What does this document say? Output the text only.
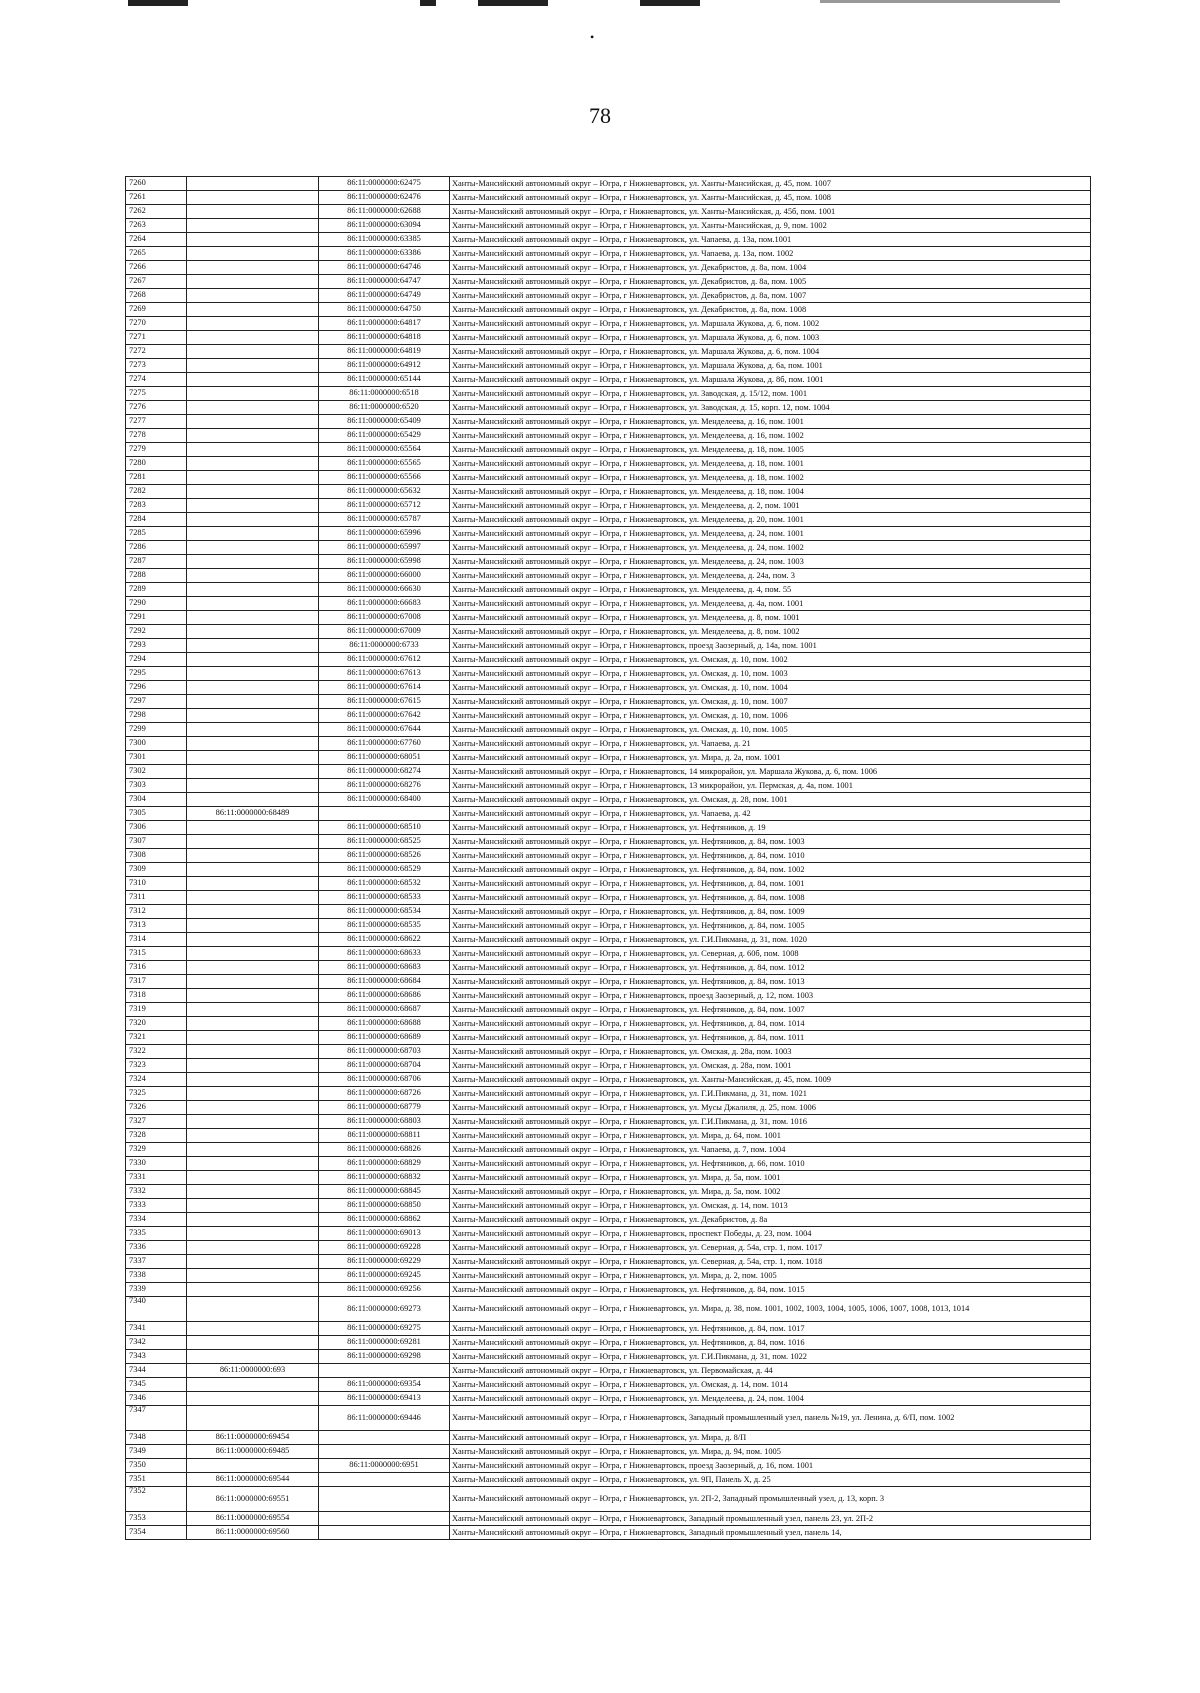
•
78
7260		86:11:0000000:62475	Ханты-Мансийский автономный округ – Югра, г Нижневартовск, ул. Ханты-Мансийская, д. 45, пом. 1007
7261		86:11:0000000:62476	Ханты-Мансийский автономный округ – Югра, г Нижневартовск, ул. Ханты-Мансийская, д. 45, пом. 1008
7262		86:11:0000000:62688	Ханты-Мансийский автономный округ – Югра, г Нижневартовск, ул. Ханты-Мансийская, д. 45б, пом. 1001
7263		86:11:0000000:63094	Ханты-Мансийский автономный округ – Югра, г Нижневартовск, ул. Ханты-Мансийская, д. 9, пом. 1002
7264		86:11:0000000:63385	Ханты-Мансийский автономный округ – Югра, г Нижневартовск, ул. Чапаева, д. 13а, пом.1001
7265		86:11:0000000:63386	Ханты-Мансийский автономный округ – Югра, г Нижневартовск, ул. Чапаева, д. 13а, пом. 1002
7266		86:11:0000000:64746	Ханты-Мансийский автономный округ – Югра, г Нижневартовск, ул. Декабристов, д. 8а, пом. 1004
7267		86:11:0000000:64747	Ханты-Мансийский автономный округ – Югра, г Нижневартовск, ул. Декабристов, д. 8а, пом. 1005
7268		86:11:0000000:64749	Ханты-Мансийский автономный округ – Югра, г Нижневартовск, ул. Декабристов, д. 8а, пом. 1007
7269		86:11:0000000:64750	Ханты-Мансийский автономный округ – Югра, г Нижневартовск, ул. Декабристов, д. 8а, пом. 1008
7270		86:11:0000000:64817	Ханты-Мансийский автономный округ – Югра, г Нижневартовск, ул. Маршала Жукова, д. 6, пом. 1002
7271		86:11:0000000:64818	Ханты-Мансийский автономный округ – Югра, г Нижневартовск, ул. Маршала Жукова, д. 6, пом. 1003
7272		86:11:0000000:64819	Ханты-Мансийский автономный округ – Югра, г Нижневартовск, ул. Маршала Жукова, д. 6, пом. 1004
7273		86:11:0000000:64912	Ханты-Мансийский автономный округ – Югра, г Нижневартовск, ул. Маршала Жукова, д. 6а, пом. 1001
7274		86:11:0000000:65144	Ханты-Мансийский автономный округ – Югра, г Нижневартовск, ул. Маршала Жукова, д. 8б, пом. 1001
7275		86:11:0000000:6518	Ханты-Мансийский автономный округ – Югра, г Нижневартовск, ул. Заводская, д. 15/12, пом. 1001
7276		86:11:0000000:6520	Ханты-Мансийский автономный округ – Югра, г Нижневартовск, ул. Заводская, д. 15, корп. 12, пом. 1004
7277		86:11:0000000:65409	Ханты-Мансийский автономный округ – Югра, г Нижневартовск, ул. Менделеева, д. 16, пом. 1001
7278		86:11:0000000:65429	Ханты-Мансийский автономный округ – Югра, г Нижневартовск, ул. Менделеева, д. 16, пом. 1002
7279		86:11:0000000:65564	Ханты-Мансийский автономный округ – Югра, г Нижневартовск, ул. Менделеева, д. 18, пом. 1005
7280		86:11:0000000:65565	Ханты-Мансийский автономный округ – Югра, г Нижневартовск, ул. Менделеева, д. 18, пом. 1001
7281		86:11:0000000:65566	Ханты-Мансийский автономный округ – Югра, г Нижневартовск, ул. Менделеева, д. 18, пом. 1002
7282		86:11:0000000:65632	Ханты-Мансийский автономный округ – Югра, г Нижневартовск, ул. Менделеева, д. 18, пом. 1004
7283		86:11:0000000:65712	Ханты-Мансийский автономный округ – Югра, г Нижневартовск, ул. Менделеева, д. 2, пом. 1001
7284		86:11:0000000:65787	Ханты-Мансийский автономный округ – Югра, г Нижневартовск, ул. Менделеева, д. 20, пом. 1001
7285		86:11:0000000:65996	Ханты-Мансийский автономный округ – Югра, г Нижневартовск, ул. Менделеева, д. 24, пом. 1001
7286		86:11:0000000:65997	Ханты-Мансийский автономный округ – Югра, г Нижневартовск, ул. Менделеева, д. 24, пом. 1002
7287		86:11:0000000:65998	Ханты-Мансийский автономный округ – Югра, г Нижневартовск, ул. Менделеева, д. 24, пом. 1003
7288		86:11:0000000:66000	Ханты-Мансийский автономный округ – Югра, г Нижневартовск, ул. Менделеева, д. 24а, пом. 3
7289		86:11:0000000:66630	Ханты-Мансийский автономный округ – Югра, г Нижневартовск, ул. Менделеева, д. 4, пом. 55
7290		86:11:0000000:66683	Ханты-Мансийский автономный округ – Югра, г Нижневартовск, ул. Менделеева, д. 4а, пом. 1001
7291		86:11:0000000:67008	Ханты-Мансийский автономный округ – Югра, г Нижневартовск, ул. Менделеева, д. 8, пом. 1001
7292		86:11:0000000:67009	Ханты-Мансийский автономный округ – Югра, г Нижневартовск, ул. Менделеева, д. 8, пом. 1002
7293		86:11:0000000:6733	Ханты-Мансийский автономный округ – Югра, г Нижневартовск, проезд Заозерный, д. 14а, пом. 1001
7294		86:11:0000000:67612	Ханты-Мансийский автономный округ – Югра, г Нижневартовск, ул. Омская, д. 10, пом. 1002
7295		86:11:0000000:67613	Ханты-Мансийский автономный округ – Югра, г Нижневартовск, ул. Омская, д. 10, пом. 1003
7296		86:11:0000000:67614	Ханты-Мансийский автономный округ – Югра, г Нижневартовск, ул. Омская, д. 10, пом. 1004
7297		86:11:0000000:67615	Ханты-Мансийский автономный округ – Югра, г Нижневартовск, ул. Омская, д. 10, пом. 1007
7298		86:11:0000000:67642	Ханты-Мансийский автономный округ – Югра, г Нижневартовск, ул. Омская, д. 10, пом. 1006
7299		86:11:0000000:67644	Ханты-Мансийский автономный округ – Югра, г Нижневартовск, ул. Омская, д. 10, пом. 1005
7300		86:11:0000000:67760	Ханты-Мансийский автономный округ – Югра, г Нижневартовск, ул. Чапаева, д. 21
7301		86:11:0000000:68051	Ханты-Мансийский автономный округ – Югра, г Нижневартовск, ул. Мира, д. 2а, пом. 1001
7302		86:11:0000000:68274	Ханты-Мансийский автономный округ – Югра, г Нижневартовск, 14 микрорайон, ул. Маршала Жукова, д. 6, пом. 1006
7303		86:11:0000000:68276	Ханты-Мансийский автономный округ – Югра, г Нижневартовск, 13 микрорайон, ул. Пермская, д. 4а, пом. 1001
7304		86:11:0000000:68400	Ханты-Мансийский автономный округ – Югра, г Нижневартовск, ул. Омская, д. 28, пом. 1001
7305	86:11:0000000:68489		Ханты-Мансийский автономный округ – Югра, г Нижневартовск, ул. Чапаева, д. 42
7306		86:11:0000000:68510	Ханты-Мансийский автономный округ – Югра, г Нижневартовск, ул. Нефтяников, д. 19
7307		86:11:0000000:68525	Ханты-Мансийский автономный округ – Югра, г Нижневартовск, ул. Нефтяников, д. 84, пом. 1003
7308		86:11:0000000:68526	Ханты-Мансийский автономный округ – Югра, г Нижневартовск, ул. Нефтяников, д. 84, пом. 1010
7309		86:11:0000000:68529	Ханты-Мансийский автономный округ – Югра, г Нижневартовск, ул. Нефтяников, д. 84, пом. 1002
7310		86:11:0000000:68532	Ханты-Мансийский автономный округ – Югра, г Нижневартовск, ул. Нефтяников, д. 84, пом. 1001
7311		86:11:0000000:68533	Ханты-Мансийский автономный округ – Югра, г Нижневартовск, ул. Нефтяников, д. 84, пом. 1008
7312		86:11:0000000:68534	Ханты-Мансийский автономный округ – Югра, г Нижневартовск, ул. Нефтяников, д. 84, пом. 1009
7313		86:11:0000000:68535	Ханты-Мансийский автономный округ – Югра, г Нижневартовск, ул. Нефтяников, д. 84, пом. 1005
7314		86:11:0000000:68622	Ханты-Мансийский автономный округ – Югра, г Нижневартовск, ул. Г.И.Пикмана, д. 31, пом. 1020
7315		86:11:0000000:68633	Ханты-Мансийский автономный округ – Югра, г Нижневартовск, ул. Северная, д. 60б, пом. 1008
7316		86:11:0000000:68683	Ханты-Мансийский автономный округ – Югра, г Нижневартовск, ул. Нефтяников, д. 84, пом. 1012
7317		86:11:0000000:68684	Ханты-Мансийский автономный округ – Югра, г Нижневартовск, ул. Нефтяников, д. 84, пом. 1013
7318		86:11:0000000:68686	Ханты-Мансийский автономный округ – Югра, г Нижневартовск, проезд Заозерный, д. 12, пом. 1003
7319		86:11:0000000:68687	Ханты-Мансийский автономный округ – Югра, г Нижневартовск, ул. Нефтяников, д. 84, пом. 1007
7320		86:11:0000000:68688	Ханты-Мансийский автономный округ – Югра, г Нижневартовск, ул. Нефтяников, д. 84, пом. 1014
7321		86:11:0000000:68689	Ханты-Мансийский автономный округ – Югра, г Нижневартовск, ул. Нефтяников, д. 84, пом. 1011
7322		86:11:0000000:68703	Ханты-Мансийский автономный округ – Югра, г Нижневартовск, ул. Омская, д. 28а, пом. 1003
7323		86:11:0000000:68704	Ханты-Мансийский автономный округ – Югра, г Нижневартовск, ул. Омская, д. 28а, пом. 1001
7324		86:11:0000000:68706	Ханты-Мансийский автономный округ – Югра, г Нижневартовск, ул. Ханты-Мансийская, д. 45, пом. 1009
7325		86:11:0000000:68726	Ханты-Мансийский автономный округ – Югра, г Нижневартовск, ул. Г.И.Пикмана, д. 31, пом. 1021
7326		86:11:0000000:68779	Ханты-Мансийский автономный округ – Югра, г Нижневартовск, ул. Мусы Джалиля, д. 25, пом. 1006
7327		86:11:0000000:68803	Ханты-Мансийский автономный округ – Югра, г Нижневартовск, ул. Г.И.Пикмана, д. 31, пом. 1016
7328		86:11:0000000:68811	Ханты-Мансийский автономный округ – Югра, г Нижневартовск, ул. Мира, д. 64, пом. 1001
7329		86:11:0000000:68826	Ханты-Мансийский автономный округ – Югра, г Нижневартовск, ул. Чапаева, д. 7, пом. 1004
7330		86:11:0000000:68829	Ханты-Мансийский автономный округ – Югра, г Нижневартовск, ул. Нефтяников, д. 66, пом. 1010
7331		86:11:0000000:68832	Ханты-Мансийский автономный округ – Югра, г Нижневартовск, ул. Мира, д. 5а, пом. 1001
7332		86:11:0000000:68845	Ханты-Мансийский автономный округ – Югра, г Нижневартовск, ул. Мира, д. 5а, пом. 1002
7333		86:11:0000000:68850	Ханты-Мансийский автономный округ – Югра, г Нижневартовск, ул. Омская, д. 14, пом. 1013
7334		86:11:0000000:68862	Ханты-Мансийский автономный округ – Югра, г Нижневартовск, ул. Декабристов, д. 8а
7335		86:11:0000000:69013	Ханты-Мансийский автономный округ – Югра, г Нижневартовск, проспект Победы, д. 23, пом. 1004
7336		86:11:0000000:69228	Ханты-Мансийский автономный округ – Югра, г Нижневартовск, ул. Северная, д. 54а, стр. 1, пом. 1017
7337		86:11:0000000:69229	Ханты-Мансийский автономный округ – Югра, г Нижневартовск, ул. Северная, д. 54а, стр. 1, пом. 1018
7338		86:11:0000000:69245	Ханты-Мансийский автономный округ – Югра, г Нижневартовск, ул. Мира, д. 2, пом. 1005
7339		86:11:0000000:69256	Ханты-Мансийский автономный округ – Югра, г Нижневартовск, ул. Нефтяников, д. 84, пом. 1015
7340		86:11:0000000:69273	Ханты-Мансийский автономный округ – Югра, г Нижневартовск, ул. Мира, д. 38, пом. 1001, 1002, 1003, 1004, 1005, 1006, 1007, 1008, 1013, 1014
7341		86:11:0000000:69275	Ханты-Мансийский автономный округ – Югра, г Нижневартовск, ул. Нефтяников, д. 84, пом. 1017
7342		86:11:0000000:69281	Ханты-Мансийский автономный округ – Югра, г Нижневартовск, ул. Нефтяников, д. 84, пом. 1016
7343		86:11:0000000:69298	Ханты-Мансийский автономный округ – Югра, г Нижневартовск, ул. Г.И.Пикмана, д. 31, пом. 1022
7344	86:11:0000000:693		Ханты-Мансийский автономный округ – Югра, г Нижневартовск, ул. Первомайская, д. 44
7345		86:11:0000000:69354	Ханты-Мансийский автономный округ – Югра, г Нижневартовск, ул. Омская, д. 14, пом. 1014
7346		86:11:0000000:69413	Ханты-Мансийский автономный округ – Югра, г Нижневартовск, ул. Менделеева, д. 24, пом. 1004
7347		86:11:0000000:69446	Ханты-Мансийский автономный округ – Югра, г Нижневартовск, Западный промышленный узел, панель №19, ул. Ленина, д. 6/П, пом. 1002
7348	86:11:0000000:69454		Ханты-Мансийский автономный округ – Югра, г Нижневартовск, ул. Мира, д. 8/П
7349	86:11:0000000:69485		Ханты-Мансийский автономный округ – Югра, г Нижневартовск, ул. Мира, д. 94, пом. 1005
7350		86:11:0000000:6951	Ханты-Мансийский автономный округ – Югра, г Нижневартовск, проезд Заозерный, д. 16, пом. 1001
7351	86:11:0000000:69544		Ханты-Мансийский автономный округ – Югра, г Нижневартовск, ул. 9П, Панель Х, д. 25
7352	86:11:0000000:69551		Ханты-Мансийский автономный округ – Югра, г Нижневартовск, ул. 2П-2, Западный промышленный узел, д. 13, корп. 3
7353	86:11:0000000:69554		Ханты-Мансийский автономный округ – Югра, г Нижневартовск, Западный промышленный узел, панель 23, ул. 2П-2
7354	86:11:0000000:69560		Ханты-Мансийский автономный округ – Югра, г Нижневартовск, Западный промышленный узел, панель 14,
